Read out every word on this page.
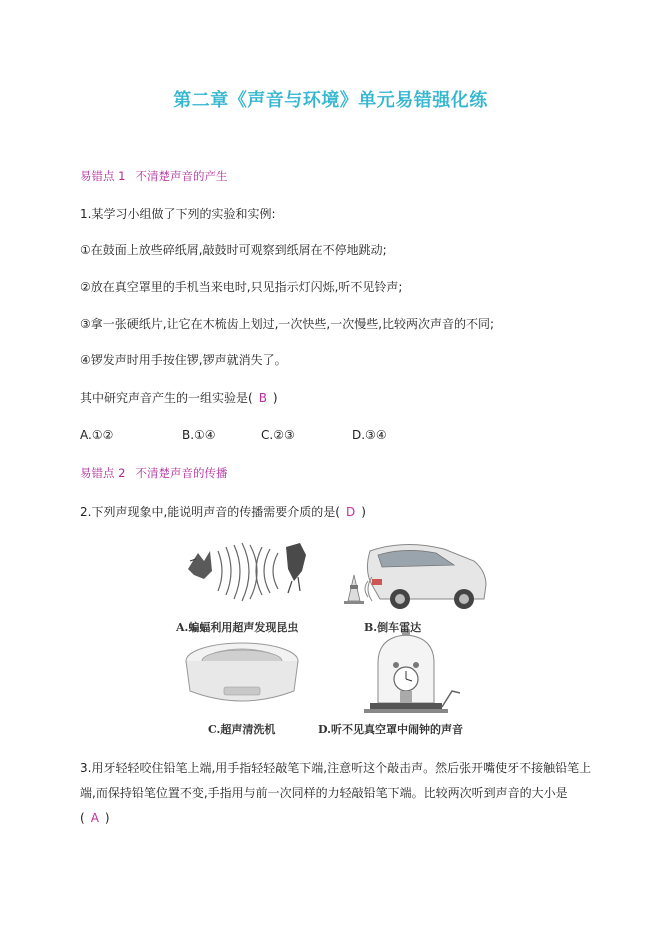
第二章《声音与环境》单元易错强化练
易错点 1 不清楚声音的产生
1.某学习小组做了下列的实验和实例:
①在鼓面上放些碎纸屑,敲鼓时可观察到纸屑在不停地跳动;
②放在真空罩里的手机当来电时,只见指示灯闪烁,听不见铃声;
③拿一张硬纸片,让它在木梳齿上划过,一次快些,一次慢些,比较两次声音的不同;
④锣发声时用手按住锣,锣声就消失了。
其中研究声音产生的一组实验是( B )
A.①②	B.①④	C.②③	D.③④
易错点 2 不清楚声音的传播
2.下列声现象中,能说明声音的传播需要介质的是( D )
A.蝙蝠利用超声发现昆虫	B.倒车雷达
C.超声清洗机	D.听不见真空罩中闹钟的声音
3.用牙轻轻咬住铅笔上端,用手指轻轻敲笔下端,注意听这个敲击声。然后张开嘴使牙不接触铅笔上
端,而保持铅笔位置不变,手指用与前一次同样的力轻敲铅笔下端。比较两次听到声音的大小是
( A )
